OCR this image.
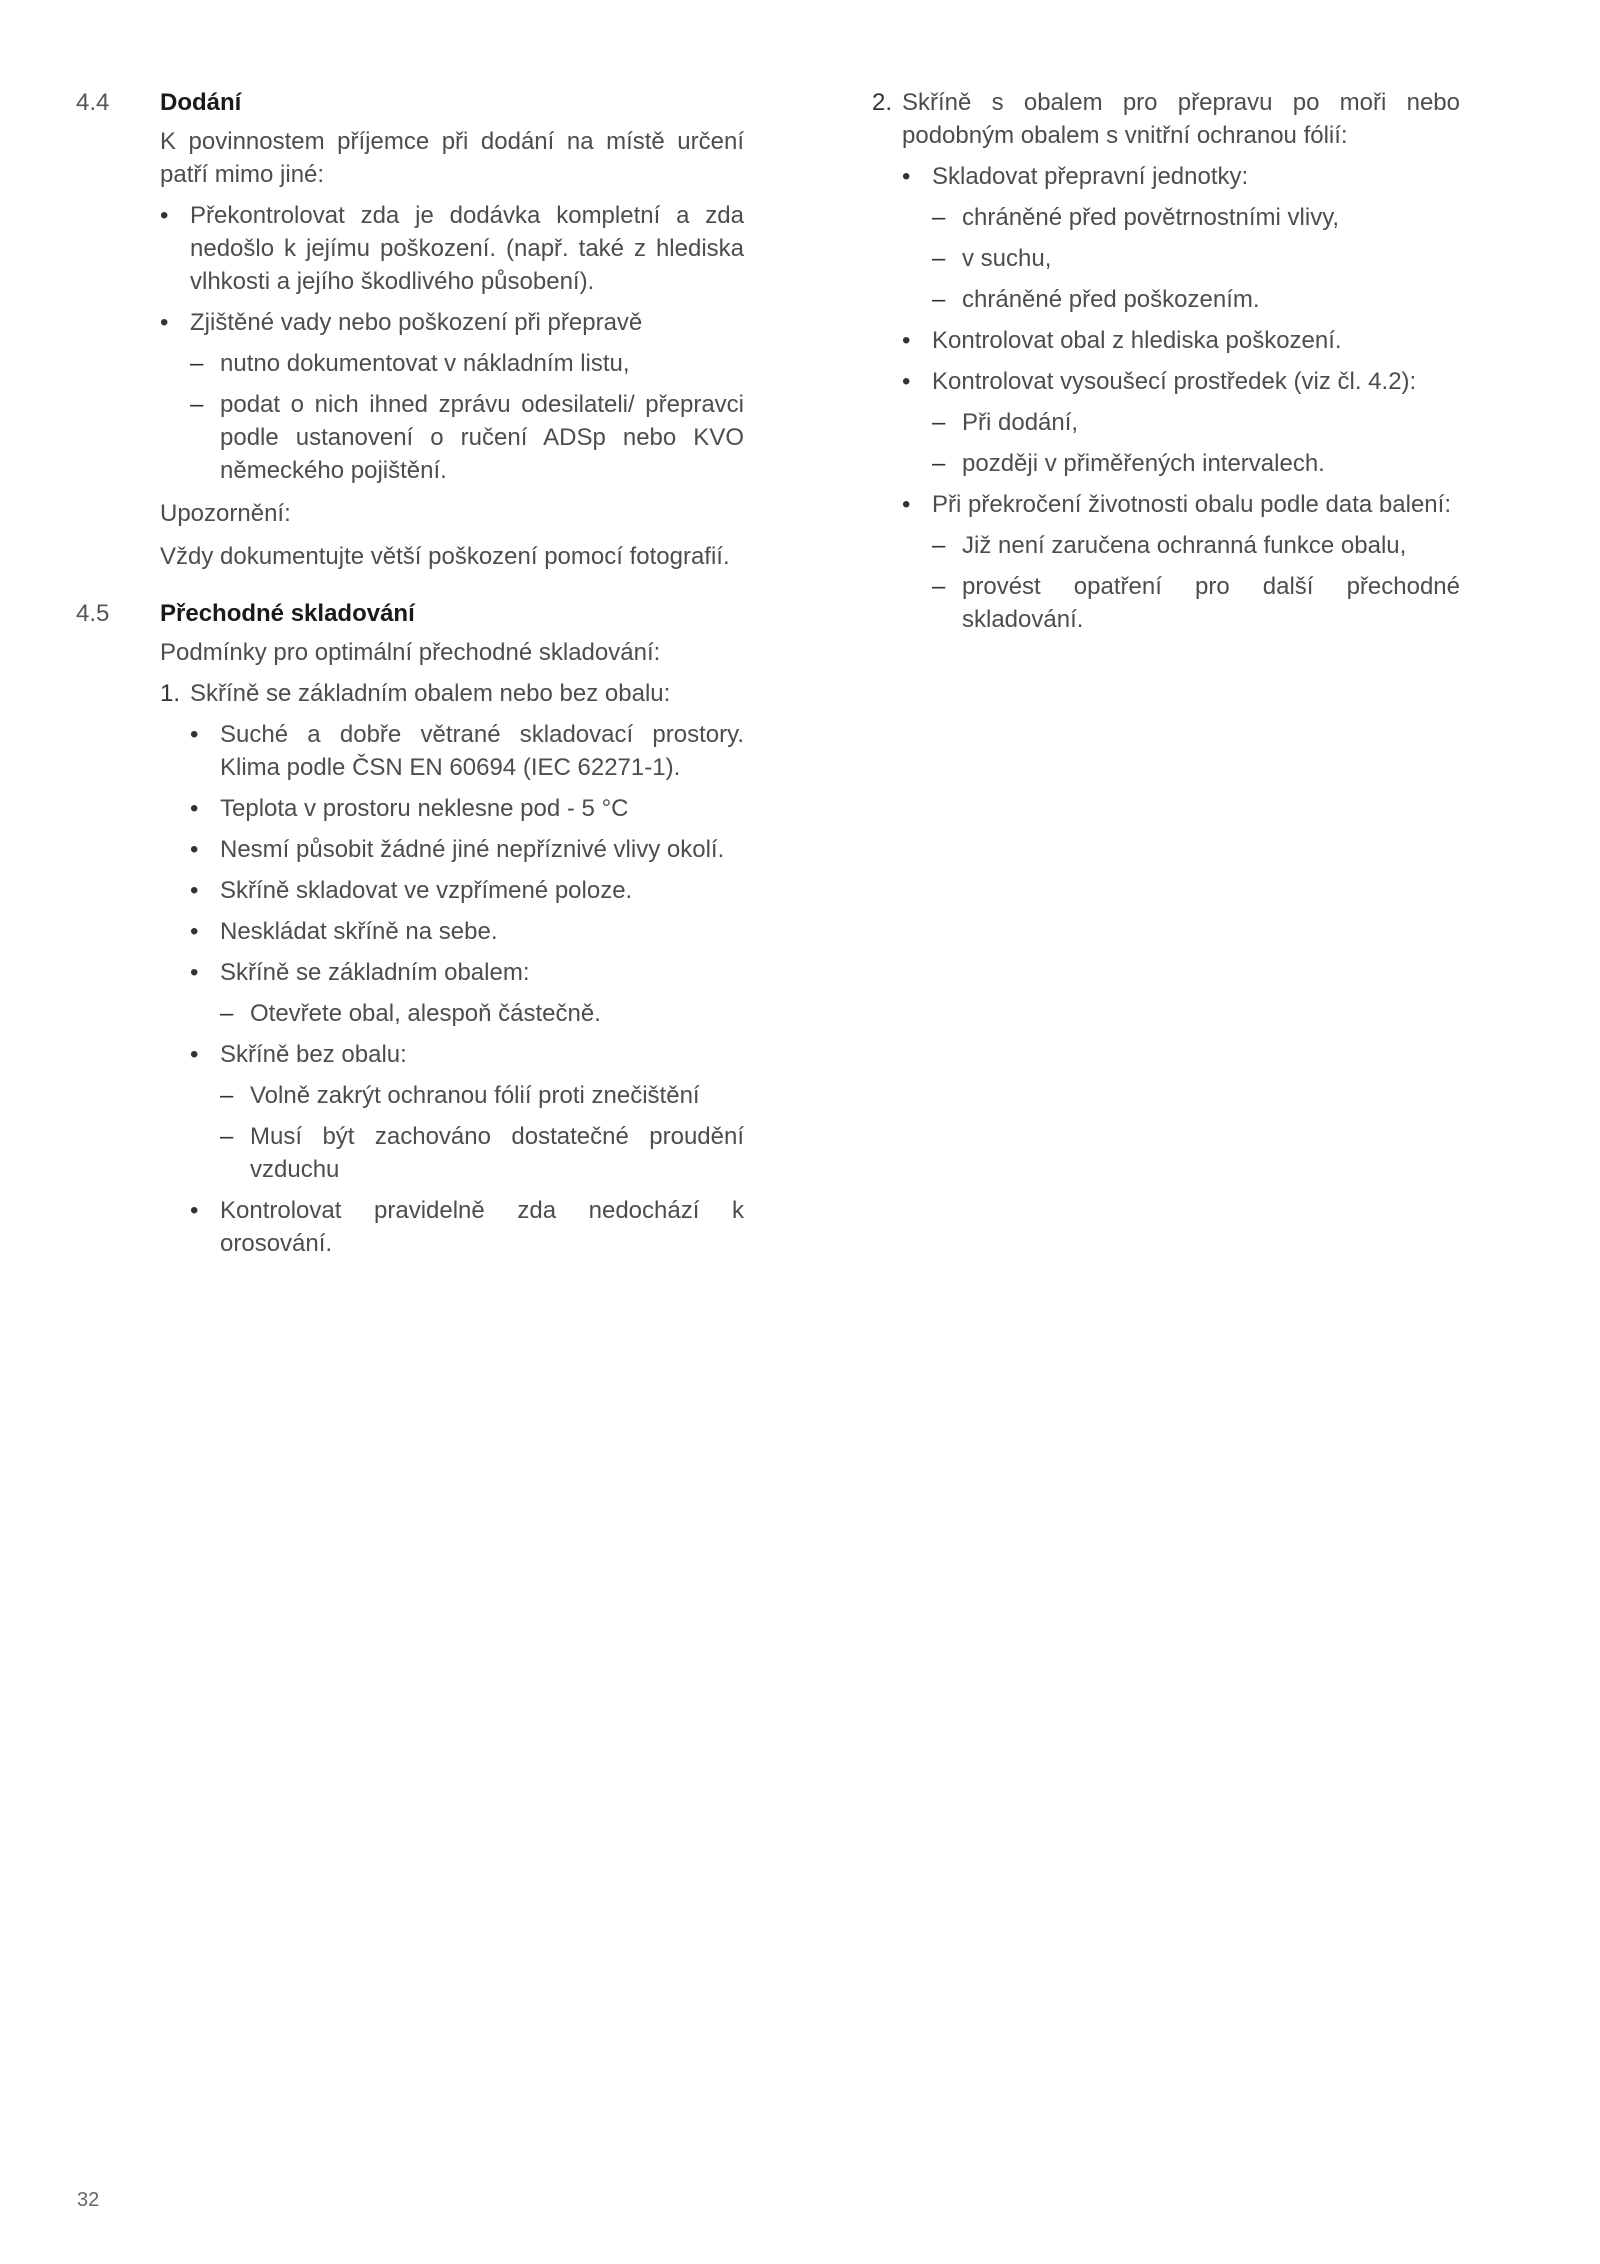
4.4 Dodání

K povinnostem příjemce při dodání na místě určení patří mimo jiné:

• Překontrolovat zda je dodávka kompletní a zda nedošlo k jejímu poškození. (např. také z hlediska vlhkosti a jejího škodlivého působení).
• Zjištěné vady nebo poškození při přepravě
– nutno dokumentovat v nákladním listu,
– podat o nich ihned zprávu odesilateli/ přepravci podle ustanovení o ručení ADSp nebo KVO německého pojištění.

Upozornění:

Vždy dokumentujte větší poškození pomocí fotografií.

4.5 Přechodné skladování

Podmínky pro optimální přechodné skladování:

1. Skříně se základním obalem nebo bez obalu:
• Suché a dobře větrané skladovací prostory. Klima podle ČSN EN 60694 (IEC 62271-1).
• Teplota v prostoru neklesne pod - 5 °C
• Nesmí působit žádné jiné nepříznivé vlivy okolí.
• Skříně skladovat ve vzpřímené poloze.
• Neskládat skříně na sebe.
• Skříně se základním obalem:
– Otevřete obal, alespoň částečně.
• Skříně bez obalu:
– Volně zakrýt ochranou fólií proti znečištění
– Musí být zachováno dostatečné proudění vzduchu
• Kontrolovat pravidelně zda nedochází k orosování.
2. Skříně s obalem pro přepravu po moři nebo podobným obalem s vnitřní ochranou fólií:
• Skladovat přepravní jednotky:
– chráněné před povětrnostními vlivy,
– v suchu,
– chráněné před poškozením.
• Kontrolovat obal z hlediska poškození.
• Kontrolovat vysoušecí prostředek (viz čl. 4.2):
– Při dodání,
– později v přiměřených intervalech.
• Při překročení životnosti obalu podle data balení:
– Již není zaručena ochranná funkce obalu,
– provést opatření pro další přechodné skladování.
32
